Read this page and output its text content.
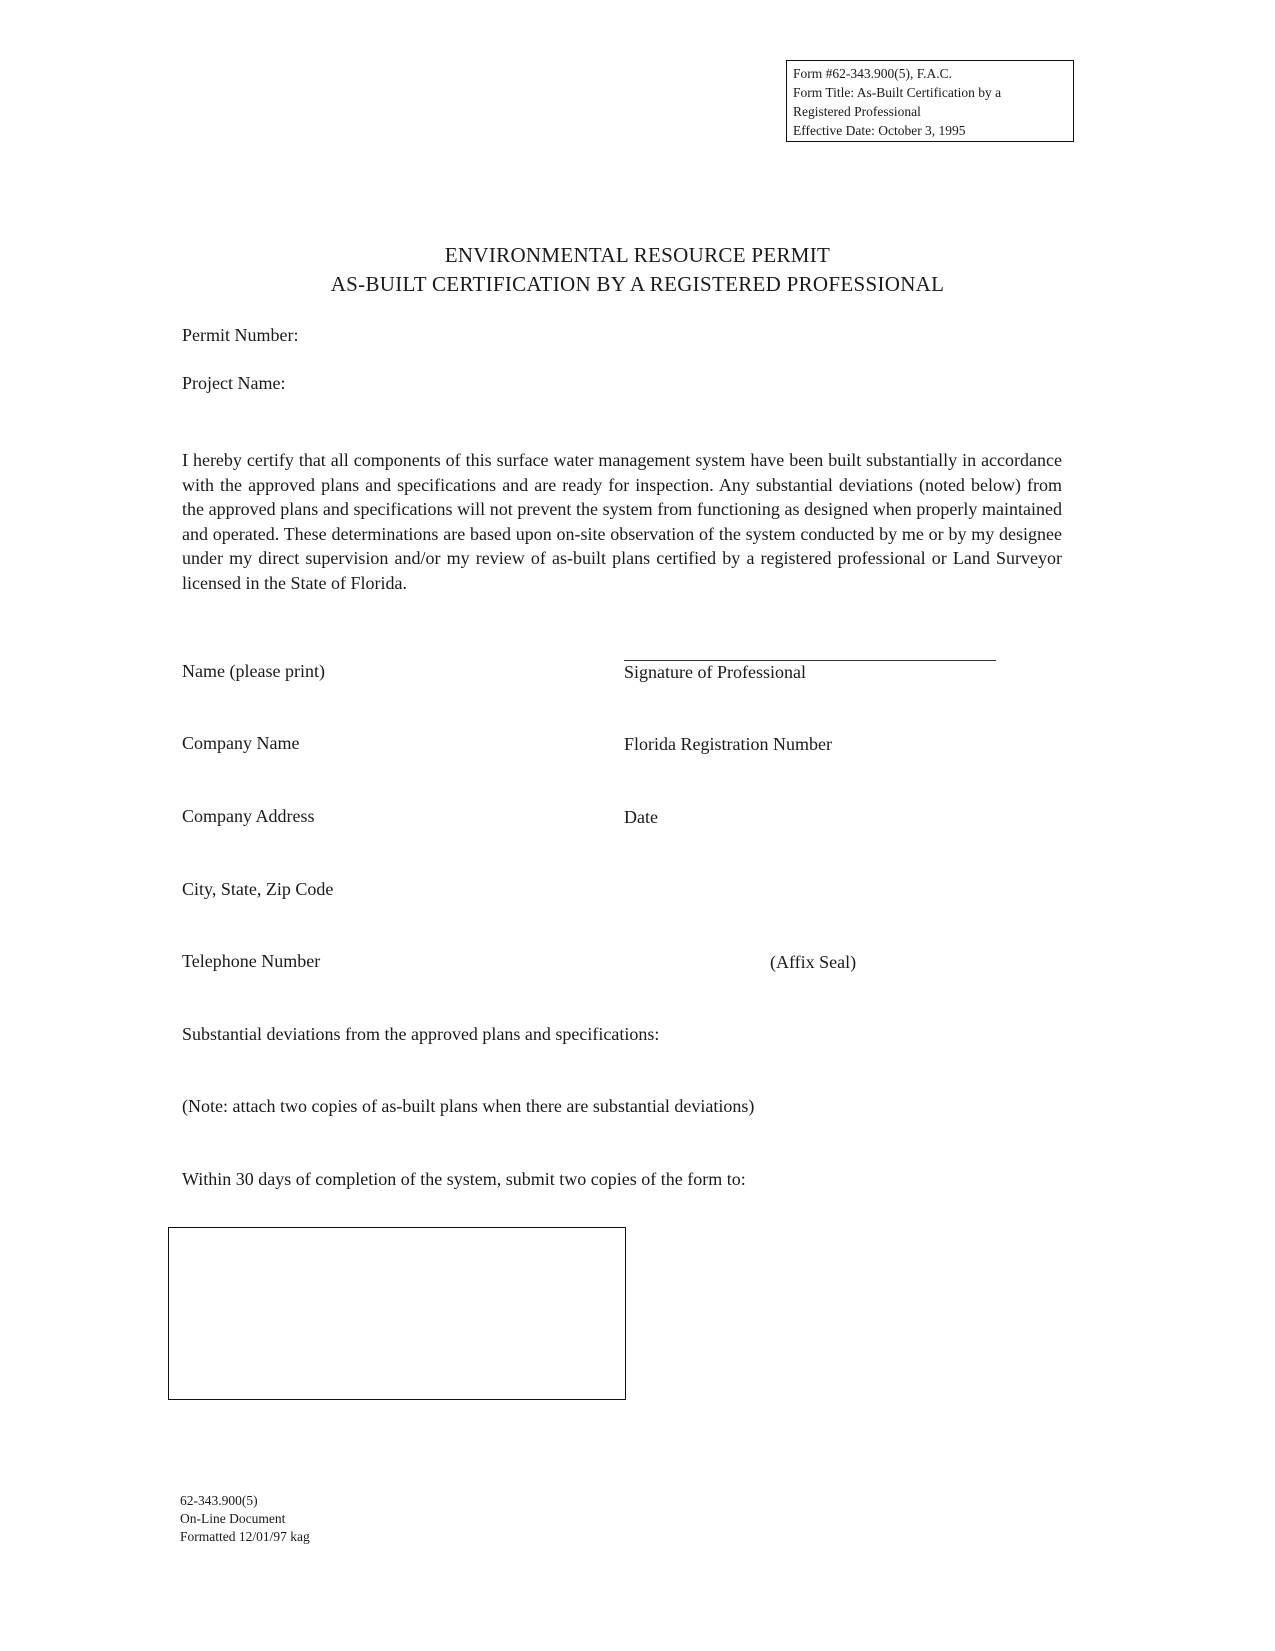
Form #62-343.900(5), F.A.C.
Form Title: As-Built Certification by a
Registered Professional
Effective Date: October 3, 1995
ENVIRONMENTAL RESOURCE PERMIT
AS-BUILT CERTIFICATION BY A REGISTERED PROFESSIONAL
Permit Number:
Project Name:
I hereby certify that all components of this surface water management system have been built substantially in accordance with the approved plans and specifications and are ready for inspection. Any substantial deviations (noted below) from the approved plans and specifications will not prevent the system from functioning as designed when properly maintained and operated. These determinations are based upon on-site observation of the system conducted by me or by my designee under my direct supervision and/or my review of as-built plans certified by a registered professional or Land Surveyor licensed in the State of Florida.
Name (please print)
Company Name
Company Address
City, State, Zip Code
Telephone Number
Signature of Professional
Florida Registration Number
Date
(Affix Seal)
Substantial deviations from the approved plans and specifications:
(Note: attach two copies of as-built plans when there are substantial deviations)
Within 30 days of completion of the system, submit two copies of the form to:
62-343.900(5)
On-Line Document
Formatted 12/01/97 kag
